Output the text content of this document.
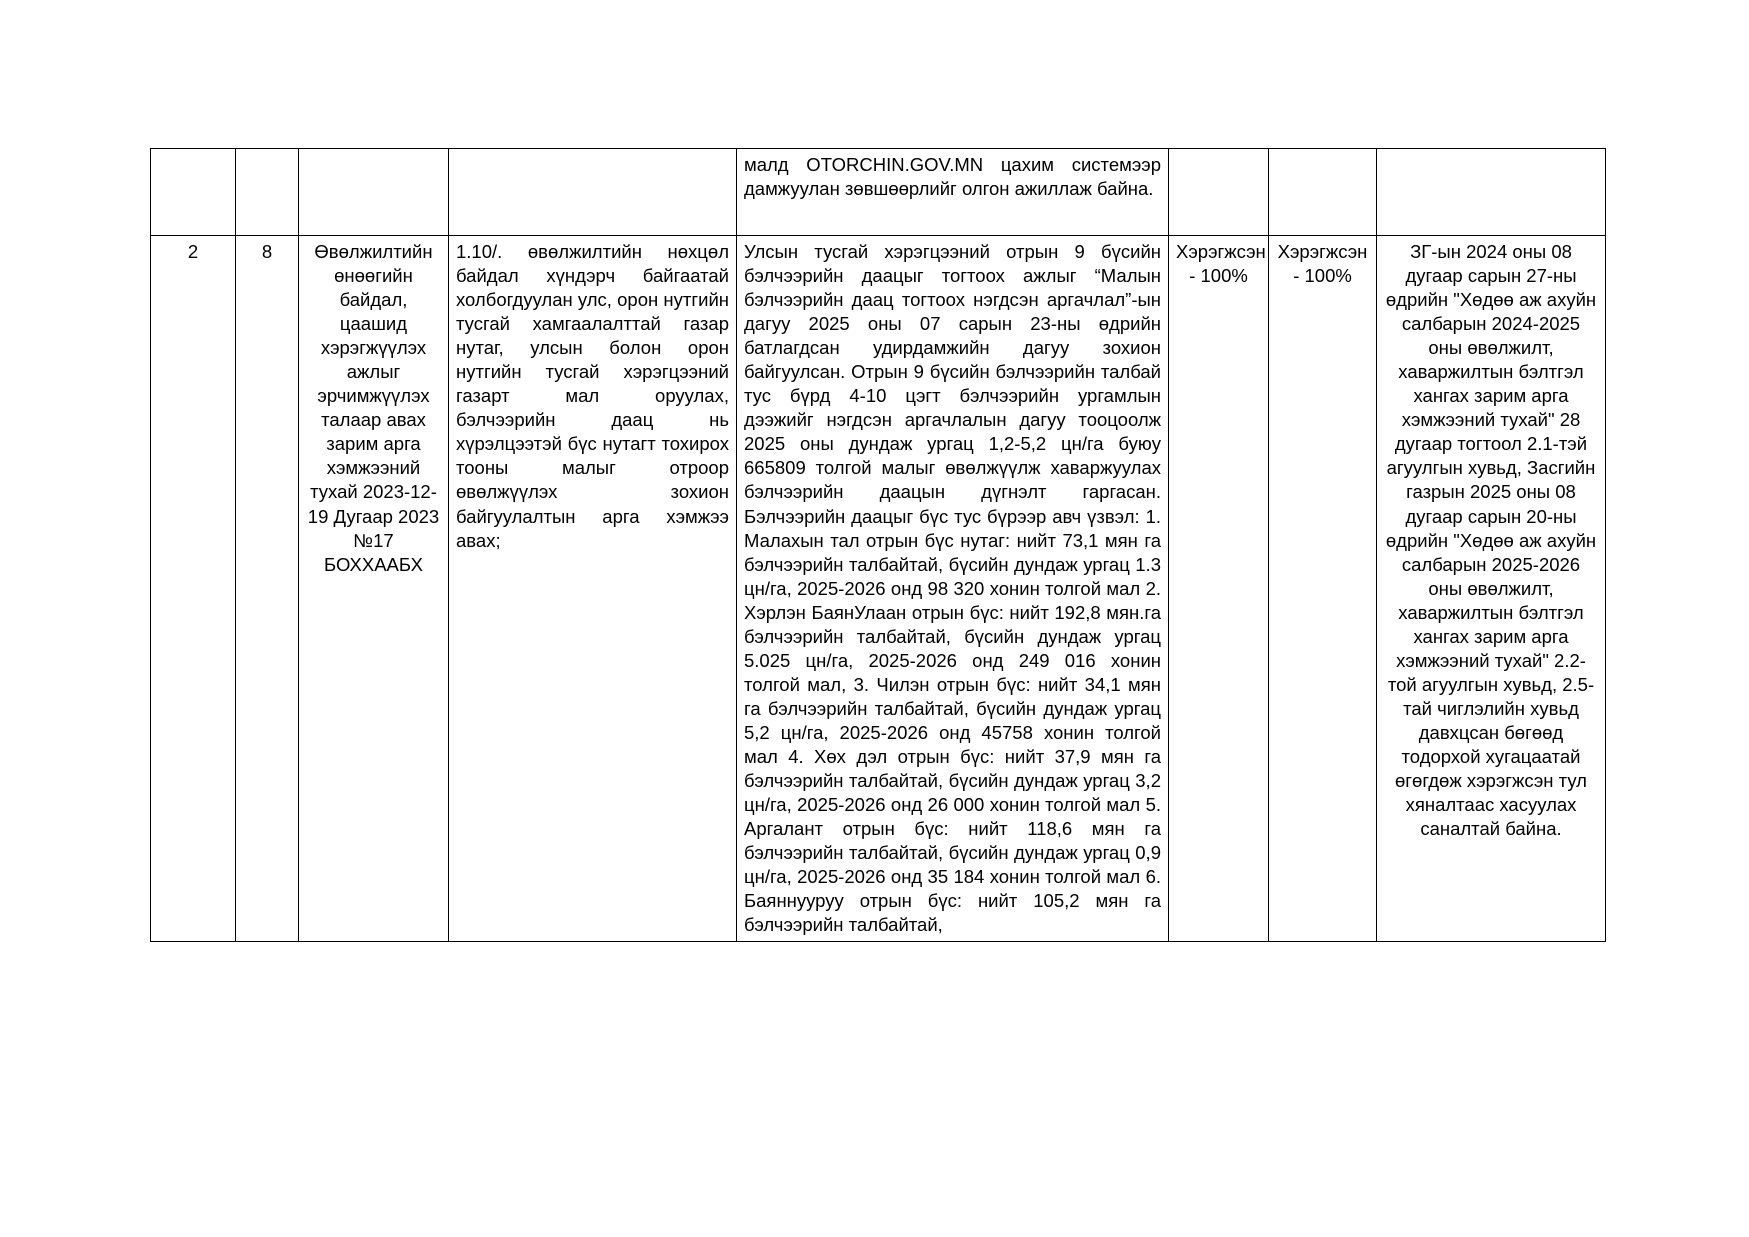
				малд OTORCHIN.GOV.MN цахим системээр дамжуулан зөвшөөрлийг олгон ажиллаж байна.			
2	8	Өвөлжилтийн өнөөгийн байдал, цаашид хэрэгжүүлэх ажлыг эрчимжүүлэх талаар авах зарим арга хэмжээний тухай 2023-12-19 Дугаар 2023 №17 БОХХААБХ	1.10/. өвөлжилтийн нөхцөл байдал хүндэрч байгаатай холбогдуулан улс, орон нутгийн тусгай хамгаалалттай газар нутаг, улсын болон орон нутгийн тусгай хэрэгцээний газарт мал оруулах, бэлчээрийн даац нь хүрэлцээтэй бүс нутагт тохирох тооны малыг отроор өвөлжүүлэх зохион байгуулалтын арга хэмжээ авах;	Улсын тусгай хэрэгцээний отрын 9 бүсийн бэлчээрийн даацыг тогтоох ажлыг “Малын бэлчээрийн даац тогтоох нэгдсэн аргачлал”-ын дагуу 2025 оны 07 сарын 23-ны өдрийн батлагдсан удирдамжийн дагуу зохион байгуулсан. Отрын 9 бүсийн бэлчээрийн талбай тус бүрд 4-10 цэгт бэлчээрийн ургамлын дээжийг нэгдсэн аргачлалын дагуу тооцоолж 2025 оны дундаж ургац 1,2-5,2 цн/га буюу 665809 толгой малыг өвөлжүүлж хаваржуулах бэлчээрийн даацын дүгнэлт гаргасан. Бэлчээрийн даацыг бүс тус бүрээр авч үзвэл: 1. Малахын тал отрын бүс нутаг: нийт 73,1 мян га бэлчээрийн талбайтай, бүсийн дундаж ургац 1.3 цн/га, 2025-2026 онд 98 320 хонин толгой мал 2. Хэрлэн БаянУлаан отрын бүс: нийт 192,8 мян.га бэлчээрийн талбайтай, бүсийн дундаж ургац 5.025 цн/га, 2025-2026 онд 249 016 хонин толгой мал, 3. Чилэн отрын бүс: нийт 34,1 мян га бэлчээрийн талбайтай, бүсийн дундаж ургац 5,2 цн/га, 2025-2026 онд 45758 хонин толгой мал 4. Хөх дэл отрын бүс: нийт 37,9 мян га бэлчээрийн талбайтай, бүсийн дундаж ургац 3,2 цн/га, 2025-2026 онд 26 000 хонин толгой мал 5. Аргалант отрын бүс: нийт 118,6 мян га бэлчээрийн талбайтай, бүсийн дундаж ургац 0,9 цн/га, 2025-2026 онд 35 184 хонин толгой мал 6. Баяннууруу отрын бүс: нийт 105,2 мян га бэлчээрийн талбайтай,	Хэрэгжсэн - 100%	Хэрэгжсэн - 100%	ЗГ-ын 2024 оны 08 дугаар сарын 27-ны өдрийн "Хөдөө аж ахуйн салбарын 2024-2025 оны өвөлжилт, хаваржилтын бэлтгэл хангах зарим арга хэмжээний тухай" 28 дугаар тогтоол 2.1-тэй агуулгын хувьд, Засгийн газрын 2025 оны 08 дугаар сарын 20-ны өдрийн "Хөдөө аж ахуйн салбарын 2025-2026 оны өвөлжилт, хаваржилтын бэлтгэл хангах зарим арга хэмжээний тухай" 2.2-той агуулгын хувьд, 2.5-тай чиглэлийн хувьд давхцсан бөгөөд тодорхой хугацаатай өгөгдөж хэрэгжсэн тул хяналтаас хасуулах саналтай байна.
